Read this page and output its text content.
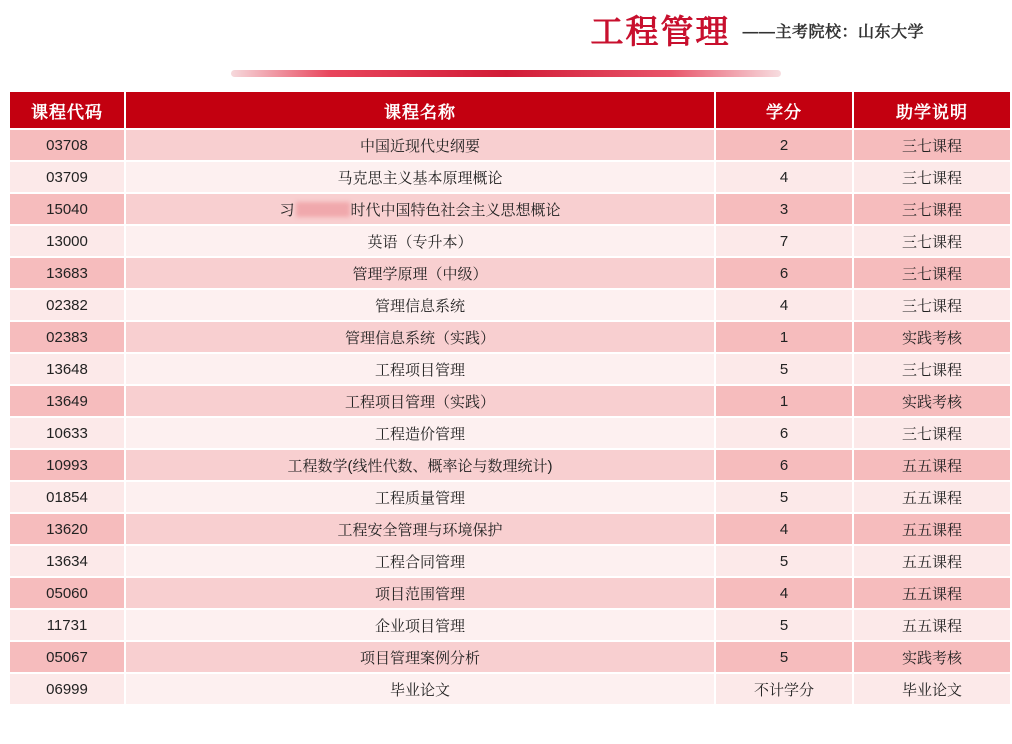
工程管理 ——主考院校：山东大学
课程代码	课程名称	学分	助学说明
03708	中国近现代史纲要	2	三七课程
03709	马克思主义基本原理概论	4	三七课程
15040	习 时代中国特色社会主义思想概论	3	三七课程
13000	英语（专升本）	7	三七课程
13683	管理学原理（中级）	6	三七课程
02382	管理信息系统	4	三七课程
02383	管理信息系统（实践）	1	实践考核
13648	工程项目管理	5	三七课程
13649	工程项目管理（实践）	1	实践考核
10633	工程造价管理	6	三七课程
10993	工程数学(线性代数、概率论与数理统计)	6	五五课程
01854	工程质量管理	5	五五课程
13620	工程安全管理与环境保护	4	五五课程
13634	工程合同管理	5	五五课程
05060	项目范围管理	4	五五课程
11731	企业项目管理	5	五五课程
05067	项目管理案例分析	5	实践考核
06999	毕业论文	不计学分	毕业论文
